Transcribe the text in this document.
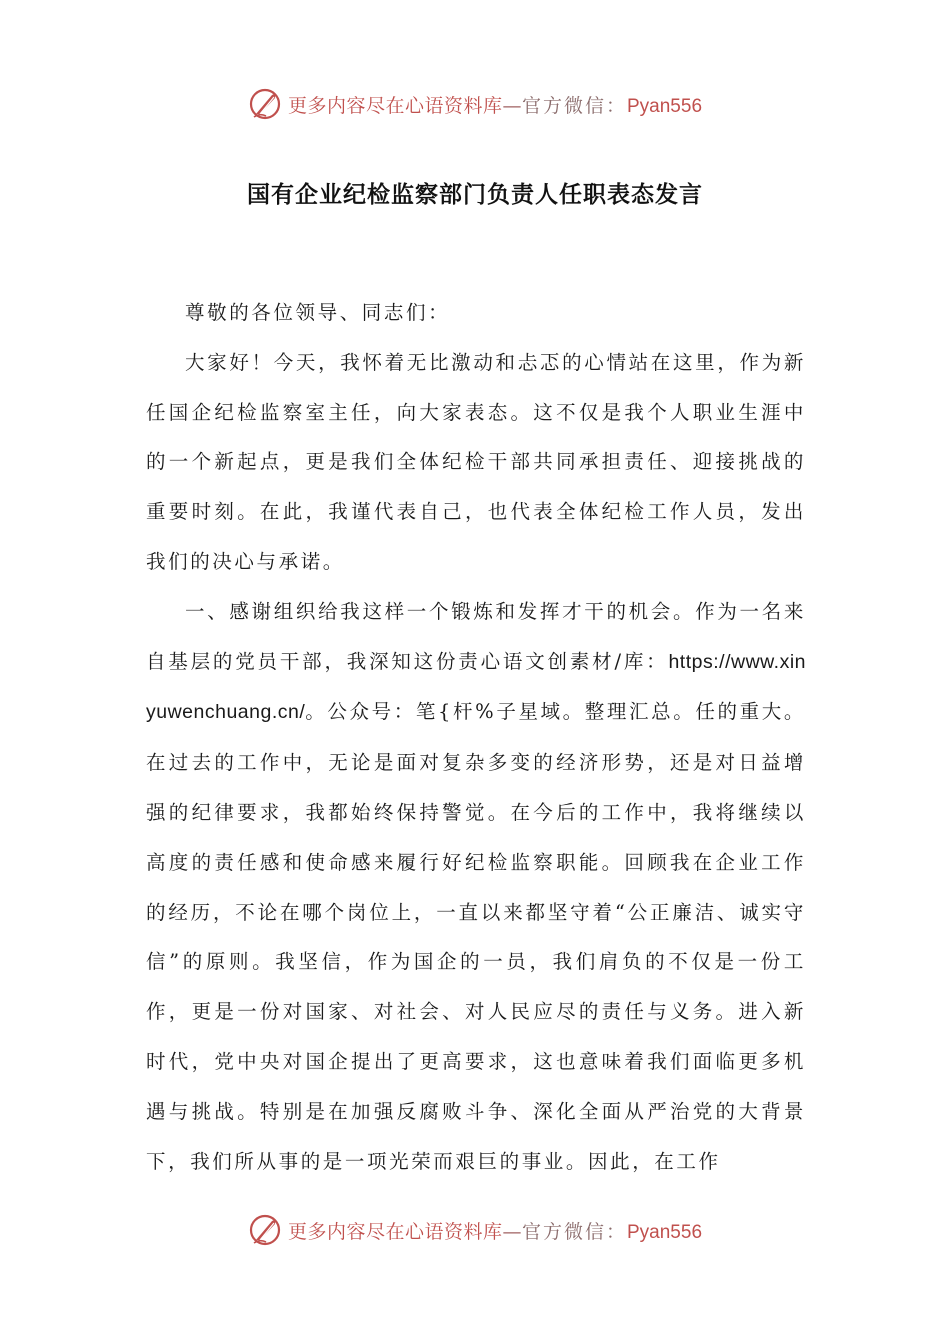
更多内容尽在心语资料库—官方微信：Pyan556
国有企业纪检监察部门负责人任职表态发言

尊敬的各位领导、同志们：

大家好！今天，我怀着无比激动和忐忑的心情站在这里，作为新任国企纪检监察室主任，向大家表态。这不仅是我个人职业生涯中的一个新起点，更是我们全体纪检干部共同承担责任、迎接挑战的重要时刻。在此，我谨代表自己，也代表全体纪检工作人员，发出我们的决心与承诺。

一、感谢组织给我这样一个锻炼和发挥才干的机会。作为一名来自基层的党员干部，我深知这份责心语文创素材/库：https://www.xinyuwenchuang.cn/。公众号：笔{杆%子星域。整理汇总。任的重大。在过去的工作中，无论是面对复杂多变的经济形势，还是对日益增强的纪律要求，我都始终保持警觉。在今后的工作中，我将继续以高度的责任感和使命感来履行好纪检监察职能。回顾我在企业工作的经历，不论在哪个岗位上，一直以来都坚守着“公正廉洁、诚实守信”的原则。我坚信，作为国企的一员，我们肩负的不仅是一份工作，更是一份对国家、对社会、对人民应尽的责任与义务。进入新时代，党中央对国企提出了更高要求，这也意味着我们面临更多机遇与挑战。特别是在加强反腐败斗争、深化全面从严治党的大背景下，我们所从事的是一项光荣而艰巨的事业。因此，在工作

更多内容尽在心语资料库—官方微信：Pyan556
